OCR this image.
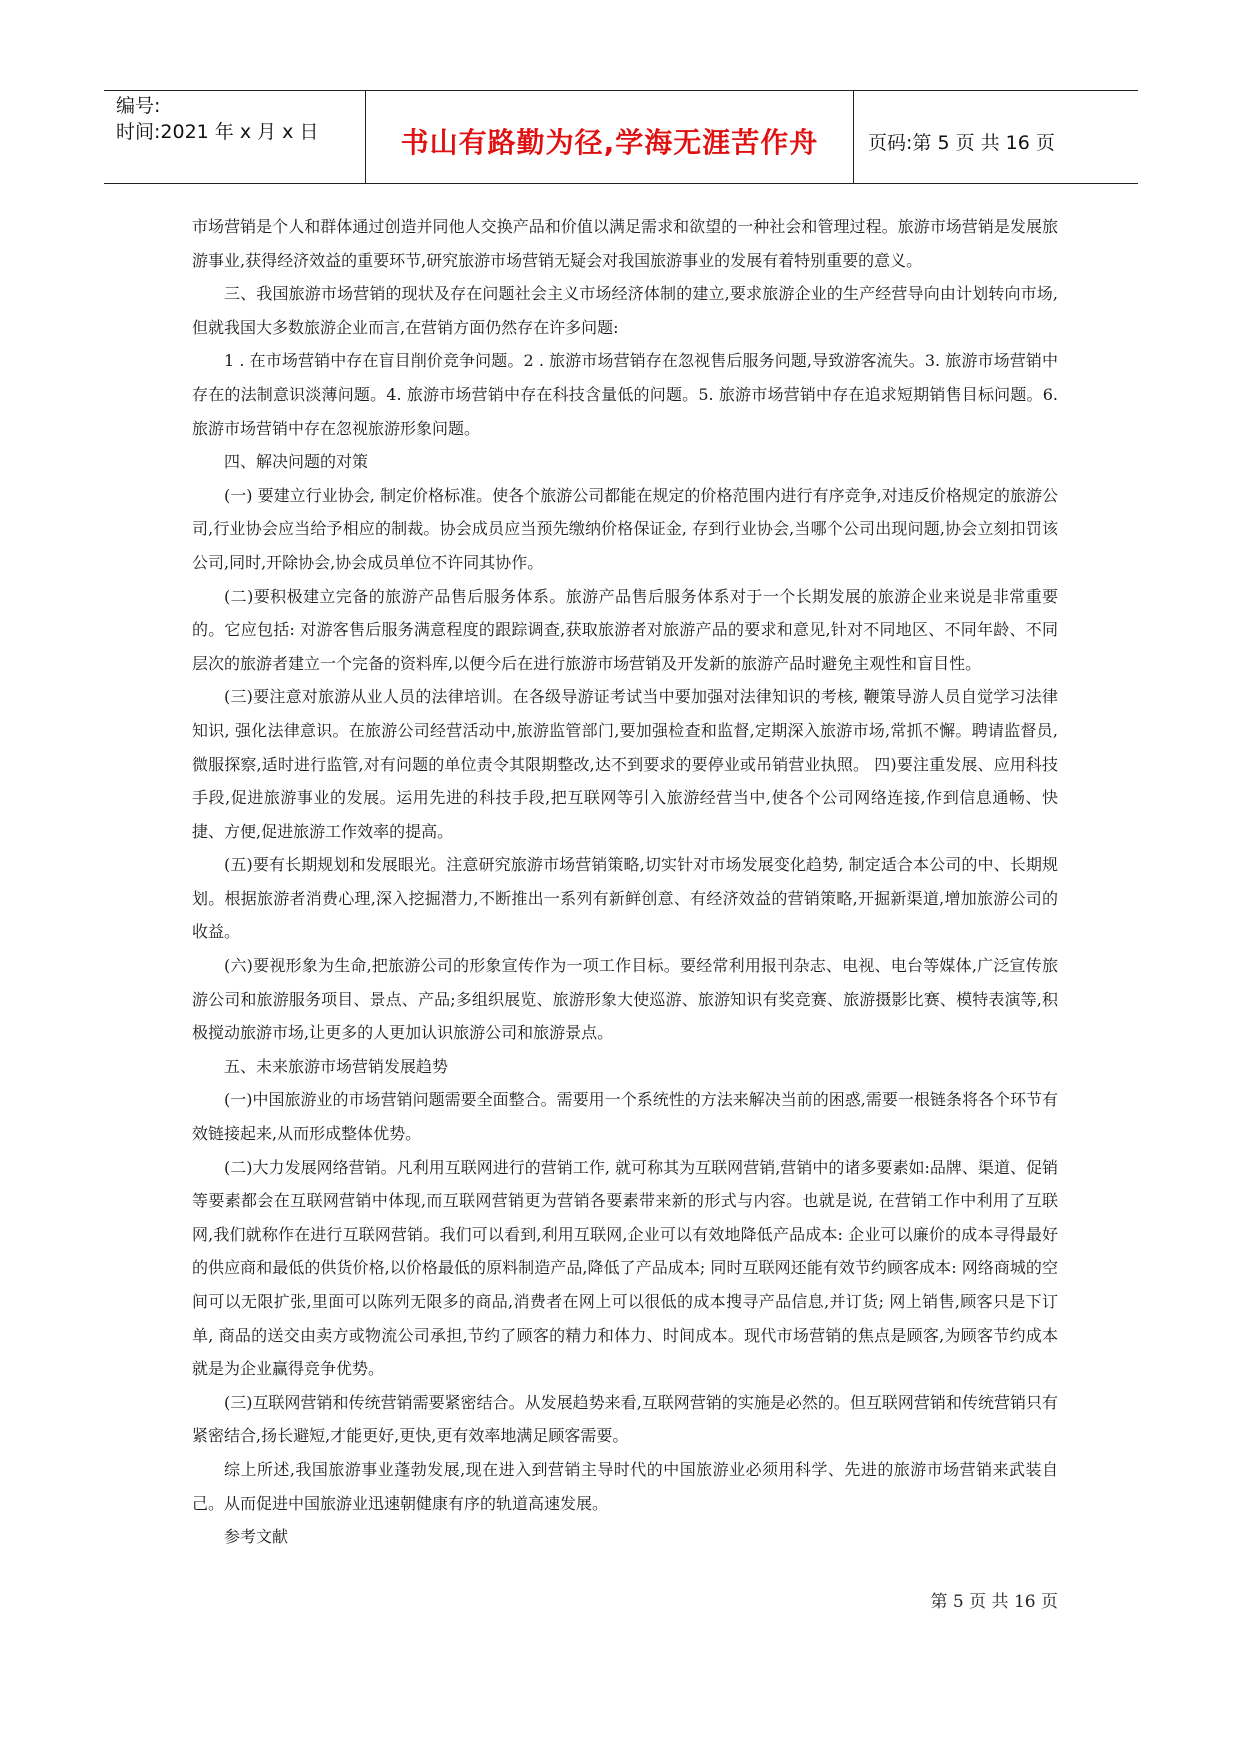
编号:
时间:2021 年 x 月 x 日	书山有路勤为径,学海无涯苦作舟	页码:第 5 页 共 16 页

市场营销是个人和群体通过创造并同他人交换产品和价值以满足需求和欲望的一种社会和管理过程。旅游市场营销是发展旅游事业,获得经济效益的重要环节,研究旅游市场营销无疑会对我国旅游事业的发展有着特别重要的意义。

三、我国旅游市场营销的现状及存在问题社会主义市场经济体制的建立,要求旅游企业的生产经营导向由计划转向市场,但就我国大多数旅游企业而言,在营销方面仍然存在许多问题:

1 . 在市场营销中存在盲目削价竞争问题。2 . 旅游市场营销存在忽视售后服务问题,导致游客流失。3. 旅游市场营销中存在的法制意识淡薄问题。4. 旅游市场营销中存在科技含量低的问题。5. 旅游市场营销中存在追求短期销售目标问题。6. 旅游市场营销中存在忽视旅游形象问题。

四、解决问题的对策

(一) 要建立行业协会, 制定价格标准。使各个旅游公司都能在规定的价格范围内进行有序竞争,对违反价格规定的旅游公司,行业协会应当给予相应的制裁。协会成员应当预先缴纳价格保证金, 存到行业协会,当哪个公司出现问题,协会立刻扣罚该公司,同时,开除协会,协会成员单位不许同其协作。

(二)要积极建立完备的旅游产品售后服务体系。旅游产品售后服务体系对于一个长期发展的旅游企业来说是非常重要的。它应包括: 对游客售后服务满意程度的跟踪调查,获取旅游者对旅游产品的要求和意见,针对不同地区、不同年龄、不同层次的旅游者建立一个完备的资料库,以便今后在进行旅游市场营销及开发新的旅游产品时避免主观性和盲目性。

(三)要注意对旅游从业人员的法律培训。在各级导游证考试当中要加强对法律知识的考核, 鞭策导游人员自觉学习法律知识, 强化法律意识。在旅游公司经营活动中,旅游监管部门,要加强检查和监督,定期深入旅游市场,常抓不懈。聘请监督员,微服探察,适时进行监管,对有问题的单位责令其限期整改,达不到要求的要停业或吊销营业执照。 四)要注重发展、应用科技手段,促进旅游事业的发展。运用先进的科技手段,把互联网等引入旅游经营当中,使各个公司网络连接,作到信息通畅、快捷、方便,促进旅游工作效率的提高。

(五)要有长期规划和发展眼光。注意研究旅游市场营销策略,切实针对市场发展变化趋势, 制定适合本公司的中、长期规划。根据旅游者消费心理,深入挖掘潜力,不断推出一系列有新鲜创意、有经济效益的营销策略,开掘新渠道,增加旅游公司的收益。

(六)要视形象为生命,把旅游公司的形象宣传作为一项工作目标。要经常利用报刊杂志、电视、电台等媒体,广泛宣传旅游公司和旅游服务项目、景点、产品;多组织展览、旅游形象大使巡游、旅游知识有奖竞赛、旅游摄影比赛、模特表演等,积极搅动旅游市场,让更多的人更加认识旅游公司和旅游景点。

五、未来旅游市场营销发展趋势

(一)中国旅游业的市场营销问题需要全面整合。需要用一个系统性的方法来解决当前的困惑,需要一根链条将各个环节有效链接起来,从而形成整体优势。

(二)大力发展网络营销。凡利用互联网进行的营销工作, 就可称其为互联网营销,营销中的诸多要素如:品牌、渠道、促销等要素都会在互联网营销中体现,而互联网营销更为营销各要素带来新的形式与内容。也就是说, 在营销工作中利用了互联网,我们就称作在进行互联网营销。我们可以看到,利用互联网,企业可以有效地降低产品成本: 企业可以廉价的成本寻得最好的供应商和最低的供货价格,以价格最低的原料制造产品,降低了产品成本; 同时互联网还能有效节约顾客成本: 网络商城的空间可以无限扩张,里面可以陈列无限多的商品,消费者在网上可以很低的成本搜寻产品信息,并订货; 网上销售,顾客只是下订单, 商品的送交由卖方或物流公司承担,节约了顾客的精力和体力、时间成本。现代市场营销的焦点是顾客,为顾客节约成本就是为企业赢得竞争优势。

(三)互联网营销和传统营销需要紧密结合。从发展趋势来看,互联网营销的实施是必然的。但互联网营销和传统营销只有紧密结合,扬长避短,才能更好,更快,更有效率地满足顾客需要。

综上所述,我国旅游事业蓬勃发展,现在进入到营销主导时代的中国旅游业必须用科学、先进的旅游市场营销来武装自己。从而促进中国旅游业迅速朝健康有序的轨道高速发展。

参考文献

第 5 页 共 16 页
